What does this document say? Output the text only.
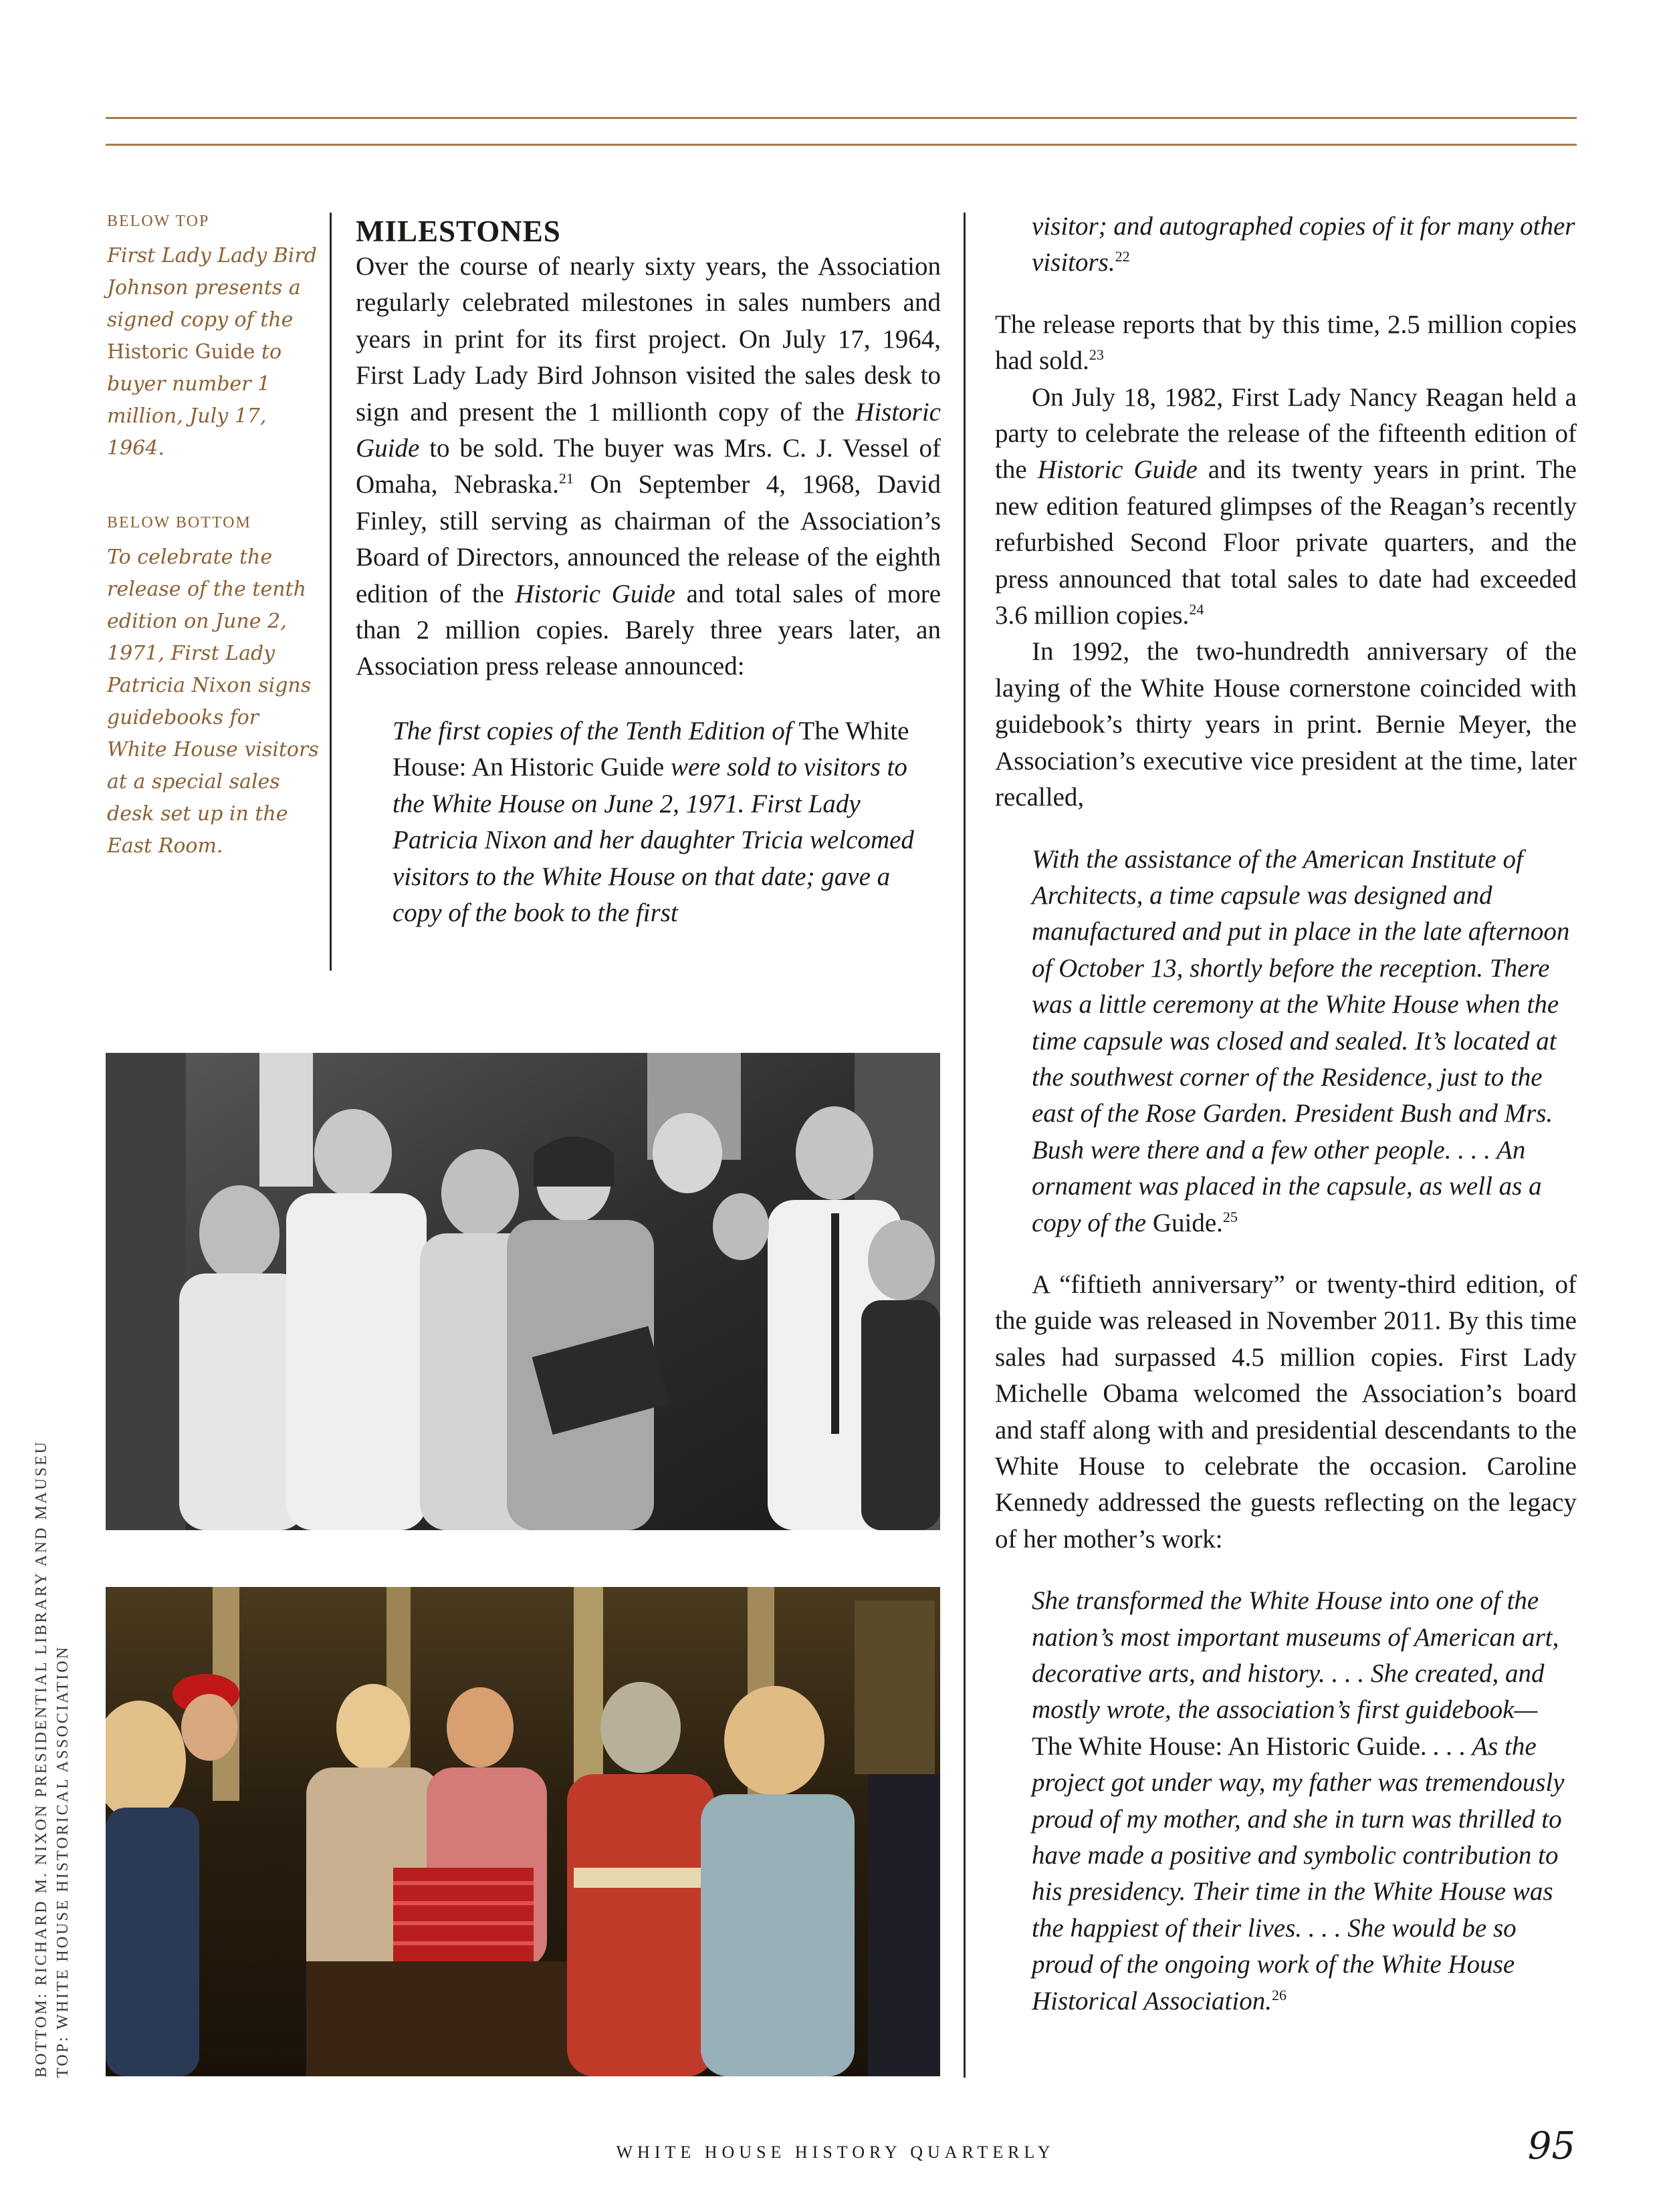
BELOW TOP
First Lady Lady Bird Johnson presents a signed copy of the Historic Guide to buyer number 1 million, July 17, 1964.
BELOW BOTTOM
To celebrate the release of the tenth edition on June 2, 1971, First Lady Patricia Nixon signs guidebooks for White House visitors at a special sales desk set up in the East Room.
MILESTONES

Over the course of nearly sixty years, the Association regularly celebrated milestones in sales numbers and years in print for its first project. On July 17, 1964, First Lady Lady Bird Johnson visited the sales desk to sign and present the 1 millionth copy of the Historic Guide to be sold. The buyer was Mrs. C. J. Vessel of Omaha, Nebraska.$^{21}$ On September 4, 1968, David Finley, still serving as chairman of the Association’s Board of Directors, announced the release of the eighth edition of the Historic Guide and total sales of more than 2 million copies. Barely three years later, an Association press release announced:

The first copies of the Tenth Edition of The White House: An Historic Guide were sold to visitors to the White House on June 2, 1971. First Lady Patricia Nixon and her daughter Tricia welcomed visitors to the White House on that date; gave a copy of the book to the first
visitor; and autographed copies of it for many other visitors.$^{22}$

The release reports that by this time, 2.5 million copies had sold.$^{23}$

On July 18, 1982, First Lady Nancy Reagan held a party to celebrate the release of the fifteenth edition of the Historic Guide and its twenty years in print. The new edition featured glimpses of the Reagan’s recently refurbished Second Floor private quarters, and the press announced that total sales to date had exceeded 3.6 million copies.$^{24}$

In 1992, the two-hundredth anniversary of the laying of the White House cornerstone coincided with guidebook’s thirty years in print. Bernie Meyer, the Association’s executive vice president at the time, later recalled,

With the assistance of the American Institute of Architects, a time capsule was designed and manufactured and put in place in the late afternoon of October 13, shortly before the reception. There was a little ceremony at the White House when the time capsule was closed and sealed. It’s located at the southwest corner of the Residence, just to the east of the Rose Garden. President Bush and Mrs. Bush were there and a few other people. . . . An ornament was placed in the capsule, as well as a copy of the Guide.$^{25}$

A “fiftieth anniversary” or twenty-third edition, of the guide was released in November 2011. By this time sales had surpassed 4.5 million copies. First Lady Michelle Obama welcomed the Association’s board and staff along with and presidential descendants to the White House to celebrate the occasion. Caroline Kennedy addressed the guests reflecting on the legacy of her mother’s work:

She transformed the White House into one of the nation’s most important museums of American art, decorative arts, and history. . . . She created, and mostly wrote, the association’s first guidebook—The White House: An Historic Guide. . . . As the project got under way, my father was tremendously proud of my mother, and she in turn was thrilled to have made a positive and symbolic contribution to his presidency. Their time in the White House was the happiest of their lives. . . . She would be so proud of the ongoing work of the White House Historical Association.$^{26}$
BOTTOM: RICHARD M. NIXON PRESIDENTIAL LIBRARY AND MAUSEU TOP: WHITE HOUSE HISTORICAL ASSOCIATION
WHITE HOUSE HISTORY QUARTERLY	95
